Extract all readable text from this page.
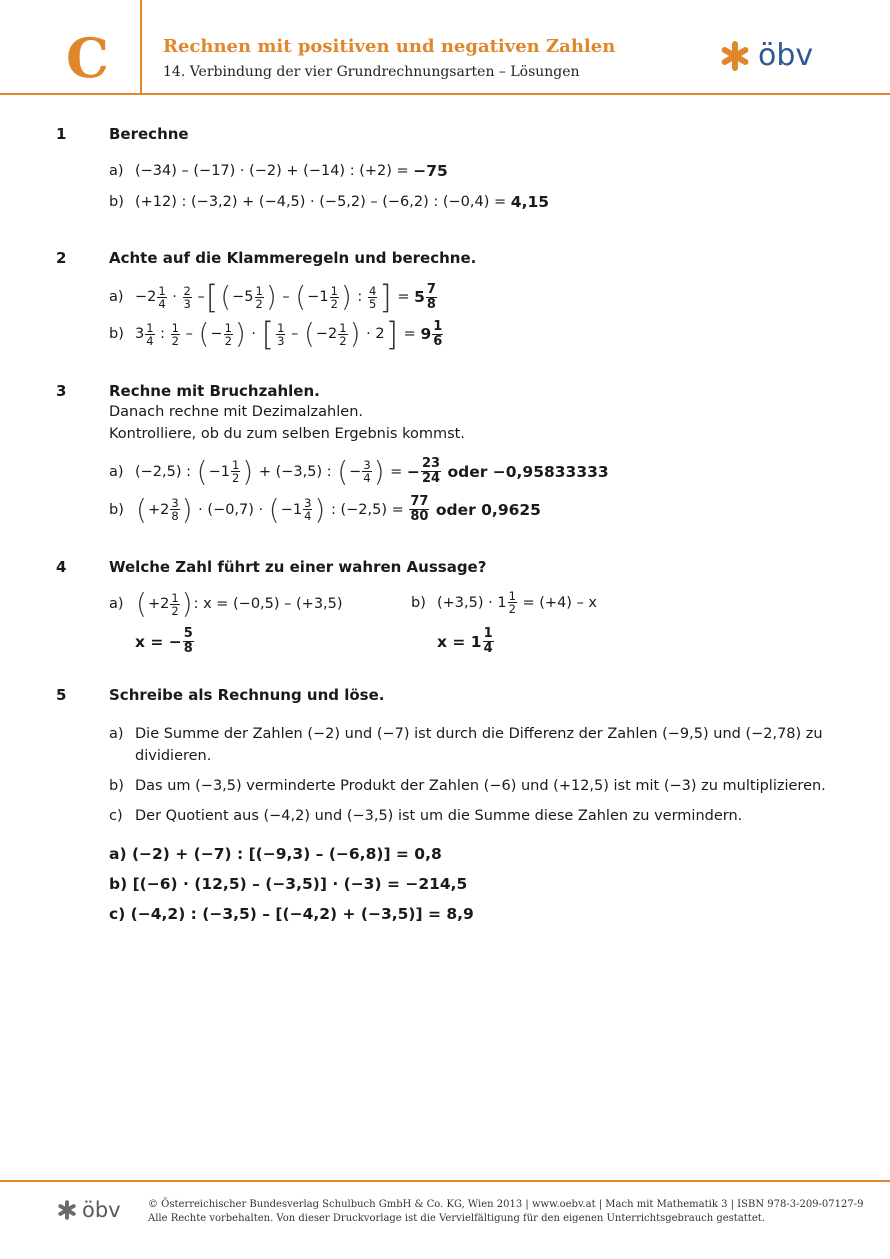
C	Rechnen mit positiven und negativen Zahlen
14. Verbindung der vier Grundrechnungsarten – Lösungen	öbv
1	Berechne
a) (−34) – (−17) · (−2) + (−14) : (+2) =
−75
b) (+12) : (−3,2) + (−4,5) · (−5,2) – (−6,2) : (−0,4) =
4,15
2	Achte auf die Klammeregeln und berechne.
$a) -2 \frac{1}{4} \cdot \frac{2}{3}$ – [ ( $-5 \frac{1}{2}$ ) – ( $-1 \frac{1}{2}$ ) : $\frac{4}{5}$ ] = $5 \frac{7}{8}$
b) $3 \frac{1}{4}$ : $\frac{1}{2}$ – ( − $\frac{1}{2}$ ) · [ $\frac{1}{3}$ – ( $-2 \frac{1}{2}$ ) · 2 ] = $9 \frac{1}{6}$
3	Rechne mit Bruchzahlen.
Danach rechne mit Dezimalzahlen.
Kontrolliere, ob du zum selben Ergebnis kommst.
a) (−2,5) : ( $-1 \frac{1}{2}$ ) + (−3,5) : ( − $\frac{3}{4}$ ) = − $\frac{23}{24}$
oder −0,95833333
b) ( $+2 \frac{3}{8}$ ) · (−0,7) · ( $-1 \frac{3}{4}$ ) : $(-2,5) = \frac{77}{80}$
oder 0,9625
4	Welche Zahl führt zu einer wahren Aussage?
a) ( $+2 \frac{1}{2}$ ) : x = (−0,5) – (+3,5)
x = − $\frac{5}{8}$
b) $(+3,5) \cdot 1 \frac{1}{2}$
= (+4) – x
$x = 1 \frac{1}{4}$
5	Schreibe als Rechnung und löse.
a) Die Summe der Zahlen (−2) und (−7) ist durch die Differenz der Zahlen (−9,5) und (−2,78) zu dividieren.
b) Das um (−3,5) verminderte Produkt der Zahlen (−6) und (+12,5) ist mit (−3) zu multiplizieren.
c) Der Quotient aus (−4,2) und (−3,5) ist um die Summe diese Zahlen zu vermindern.
a) (−2) + (−7) : [(−9,3) – (−6,8)] = 0,8
b) [(−6) · (12,5) – (−3,5)] · (−3) = −214,5
c) (−4,2) : (−3,5) – [(−4,2) + (−3,5)] = 8,9
öbv	© Österreichischer Bundesverlag Schulbuch GmbH & Co. KG, Wien 2013 | www.oebv.at | Mach mit Mathematik 3 | ISBN 978-3-209-07127-9
Alle Rechte vorbehalten. Von dieser Druckvorlage ist die Vervielfältigung für den eigenen Unterrichtsgebrauch gestattet.
